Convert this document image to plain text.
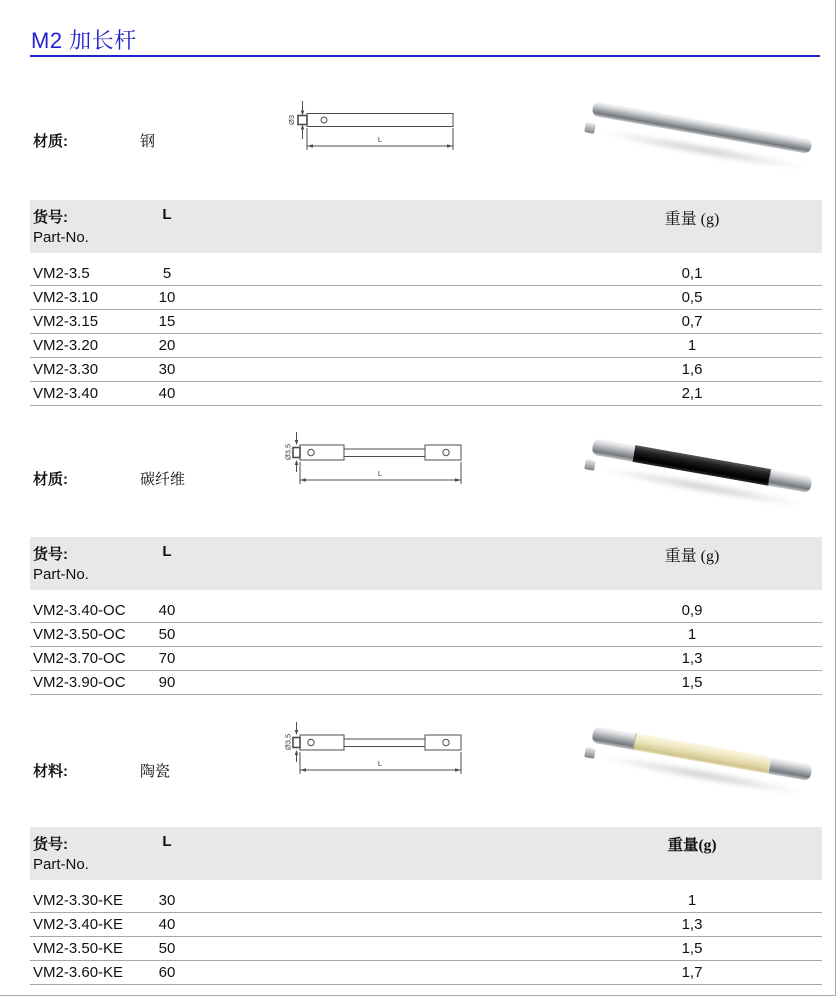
M2 加长杆
材质:	钢
Ø3
L
货号:	L	重量 (g)
Part-No.
VM2-3.5	5	0,1
VM2-3.10	10	0,5
VM2-3.15	15	0,7
VM2-3.20	20	1
VM2-3.30	30	1,6
VM2-3.40	40	2,1
材质:	碳纤维
Ø3,5
L
货号:	L	重量 (g)
Part-No.
VM2-3.40-OC	40	0,9
VM2-3.50-OC	50	1
VM2-3.70-OC	70	1,3
VM2-3.90-OC	90	1,5
材料:	陶瓷
Ø3,5
L
货号:	L	重量(g)
Part-No.
VM2-3.30-KE	30	1
VM2-3.40-KE	40	1,3
VM2-3.50-KE	50	1,5
VM2-3.60-KE	60	1,7
